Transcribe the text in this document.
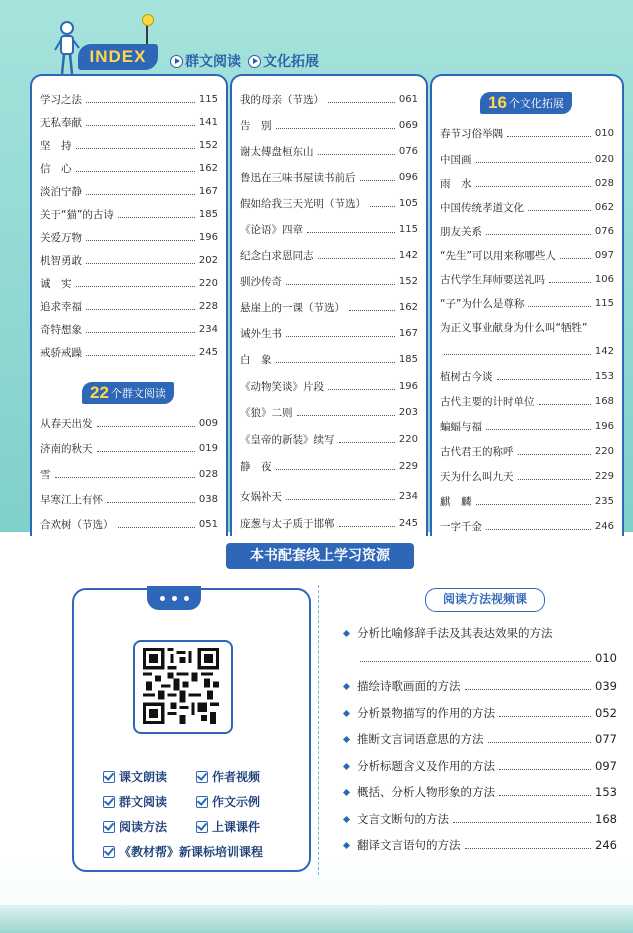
INDEX	群文阅读 文化拓展
学习之法	115
无私奉献	141
坚　持	152
信　心	162
淡泊宁静	167
关于“猫”的古诗	185
关爱万物	196
机智勇敢	202
诚　实	220
追求幸福	228
奇特想象	234
戒骄戒躁	245
22 个群文阅读
从春天出发	009
济南的秋天	019
雪	028
早寒江上有怀	038
合欢树（节选）	051
我的母亲（节选）	061
告　别	069
谢太傅盘桓东山	076
鲁迅在三味书屋读书前后	096
假如给我三天光明（节选）	105
《论语》四章	115
纪念白求恩同志	142
驯沙传奇	152
悬崖上的一课（节选）	162
诫外生书	167
白　象	185
《动物笑谈》片段	196
《狼》二则	203
《皇帝的新装》续写	220
静　夜	229
女娲补天	234
庞葱与太子质于邯郸	245
16 个文化拓展
春节习俗举隅	010
中国画	020
雨　水	028
中国传统孝道文化	062
朋友关系	076
“先生”可以用来称哪些人	097
古代学生拜师要送礼吗	106
“子”为什么是尊称	115
为正义事业献身为什么叫“牺牲”
142
植树古今谈	153
古代主要的计时单位	168
蝙蝠与福	196
古代君王的称呼	220
天为什么叫九天	229
麒　麟	235
一字千金	246
本书配套线上学习资源
课文朗读	作者视频
群文阅读	作文示例
阅读方法	上课课件
《教材帮》新课标培训课程
阅读方法视频课
分析比喻修辞手法及其表达效果的方法
010
描绘诗歌画面的方法	039
分析景物描写的作用的方法	052
推断文言词语意思的方法	077
分析标题含义及作用的方法	097
概括、分析人物形象的方法	153
文言文断句的方法	168
翻译文言语句的方法	246
